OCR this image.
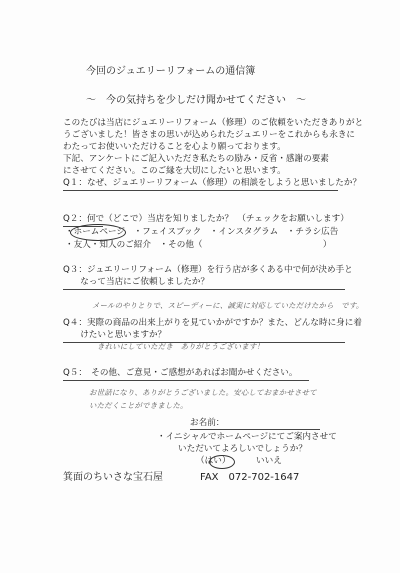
今回のジュエリーリフォームの通信簿
～　今の気持ちを少しだけ聞かせてください　～
このたびは当店にジュエリーリフォーム（修理）のご依頼をいただきありがと
うございました！皆さまの思いが込められたジュエリーをこれからも永きに
わたってお使いいただけることを心より願っております。
下記、アンケートにご記入いただき私たちの励み・反省・感謝の要素
にさせてください。このご縁を大切にしたいと思います。
Q１：なぜ、ジュエリーリフォーム（修理）の相談をしようと思いましたか？
Q２：何で（どこで）当店を知りましたか？　（チェックをお願いします）
・ホームページ　・フェイスブック　・インスタグラム　・チラシ広告
・友人・知人のご紹介　・その他（　　　　　　　　　　　　　　）
Q３：ジュエリーリフォーム（修理）を行う店が多くある中で何が決め手と
　　なって当店にご依頼しましたか？
メールのやりとりで、スピーディーに、誠実に対応していただけたから　です。
Q４：実際の商品の出来上がりを見ていかがですか？また、どんな時に身に着
　　けたいと思いますか？
きれいにしていただき　ありがとうございます！
Q５：　その他、ご意見・ご感想があればお聞かせください。
お世話になり、ありがとうございました。安心しておまかせさせて
いただくことができました。
お名前：
・イニシャルでホームページにてご案内させて
いただいてよろしいでしょうか？
（はい）	いいえ
箕面のちいさな宝石屋	FAX　072-702-1647
